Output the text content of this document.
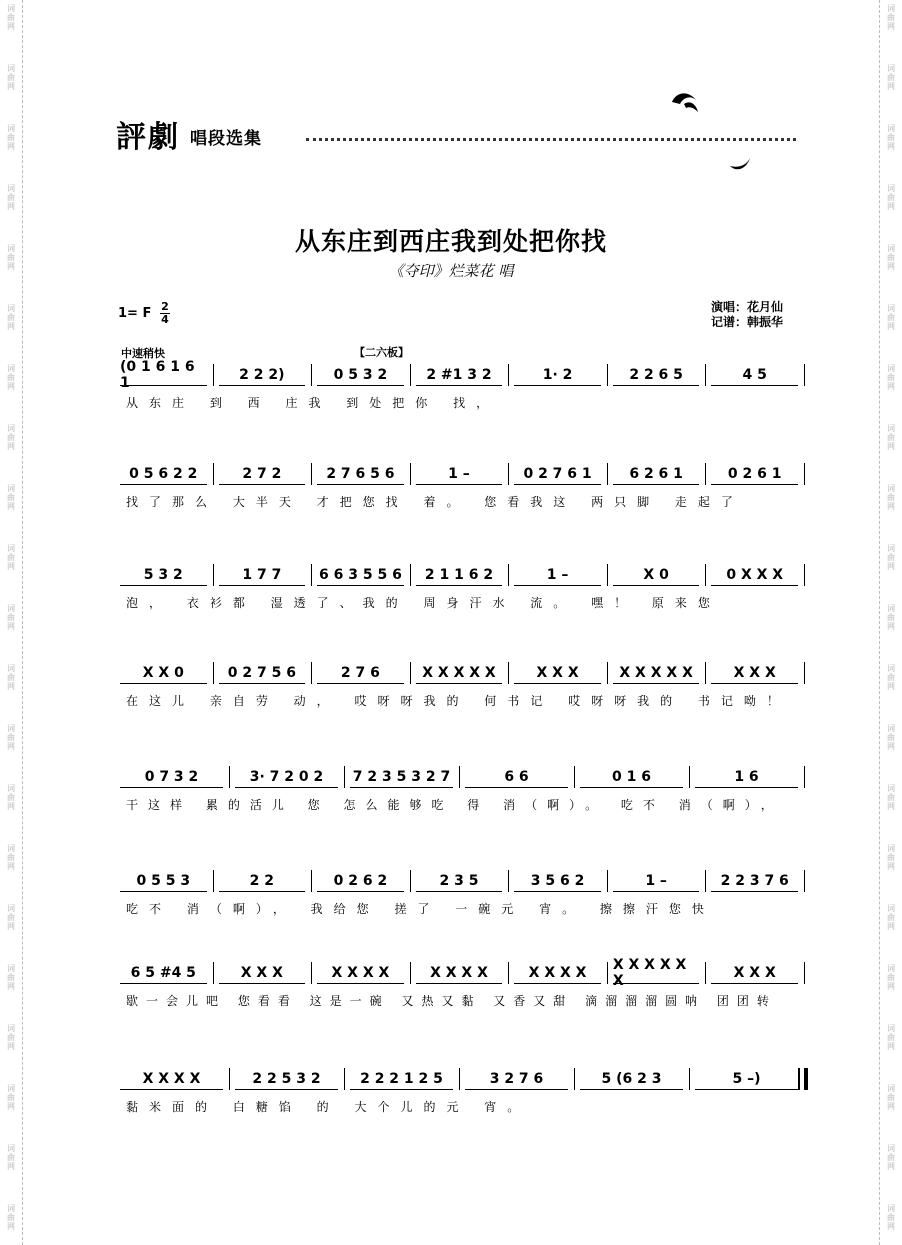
词
曲
网
词
曲
网
词
曲
网
词
曲
网
词
曲
网
词
曲
网
词
曲
网
词
曲
网
词
曲
网
词
曲
网
词
曲
网
词
曲
网
词
曲
网
词
曲
网
词
曲
网
词
曲
网
词
曲
网
词
曲
网
词
曲
网
词
曲
网
词
曲
网
词
曲
网
词
曲
网
词
曲
网
词
曲
网
词
曲
网
词
曲
网
词
曲
网
词
曲
网
词
曲
网
词
曲
网
词
曲
网
词
曲
网
词
曲
网
词
曲
网
词
曲
网
词
曲
网
词
曲
网
词
曲
网
词
曲
网
词
曲
网
词
曲
网
評劇 唱段选集
从东庄到西庄我到处把你找
《夺印》烂菜花 唱
1= F 2
4
演唱：花月仙
记谱：韩振华
中速稍快	【二六板】
(0 1 6 1 6 1	2 2 2)	0 5 3 2	2 #1 3 2	1· 2	2 2 6 5	4 5
从东庄 到 西 庄我 到处把你 找，
0 5 6 2 2	2 7 2	2 7 6 5 6	1 –	0 2 7 6 1	6 2 6 1	0 2 6 1
找了那么 大半天 才把您找 着。 您看我这 两只脚 走起了
5 3 2	1 7 7	6 6 3 5 5 6	2 1 1 6 2	1 –	X 0	0 X X X
泡， 衣衫都 湿透了、我的 周身汗水 流。 嘿！ 原来您
X X 0	0 2 7 5 6	2 7 6	X X X X X	X X X	X X X X X	X X X
在这儿 亲自劳 动， 哎呀呀我的 何书记 哎呀呀我的 书记呦！
0 7 3 2	3· 7 2 0 2	7 2 3 5 3 2 7	6 6	0 1 6	1 6
干这样 累的活儿 您 怎么能够吃 得 消（啊）。 吃不 消（啊），
0 5 5 3	2 2	0 2 6 2	2 3 5	3 5 6 2	1 –	2 2 3 7 6
吃不 消（啊）， 我给您 搓了 一碗元 宵。 擦擦汗您快
6 5 #4 5	X X X	X X X X	X X X X	X X X X	X X X X X X	X X X
歇一会儿吧 您看看 这是一碗 又热又黏 又香又甜 滴溜溜溜圆呐 团团转
X X X X	2 2 5 3 2	2 2 2 1 2 5	3 2 7 6	5 (6 2 3	5 –)
黏米面的 白糖馅 的 大个儿的元 宵。
